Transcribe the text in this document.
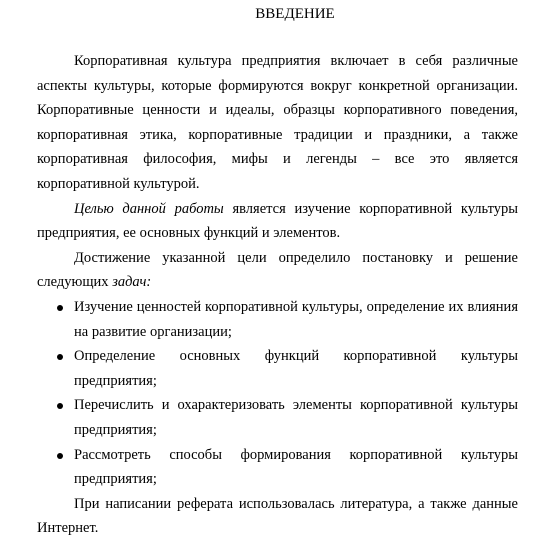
ВВЕДЕНИЕ

Корпоративная культура предприятия включает в себя различные аспекты культуры, которые формируются вокруг конкретной организации. Корпоративные ценности и идеалы, образцы корпоративного поведения, корпоративная этика, корпоративные традиции и праздники, а также корпоративная философия, мифы и легенды – все это является корпоративной культурой.

Целью данной работы является изучение корпоративной культуры предприятия, ее основных функций и элементов.

Достижение указанной цели определило постановку и решение следующих задач:

Изучение ценностей корпоративной культуры, определение их влияния на развитие организации;
Определение основных функций корпоративной культуры предприятия;
Перечислить и охарактеризовать элементы корпоративной культуры предприятия;
Рассмотреть способы формирования корпоративной культуры предприятия;

При написании реферата использовалась литература, а также данные Интернет.
